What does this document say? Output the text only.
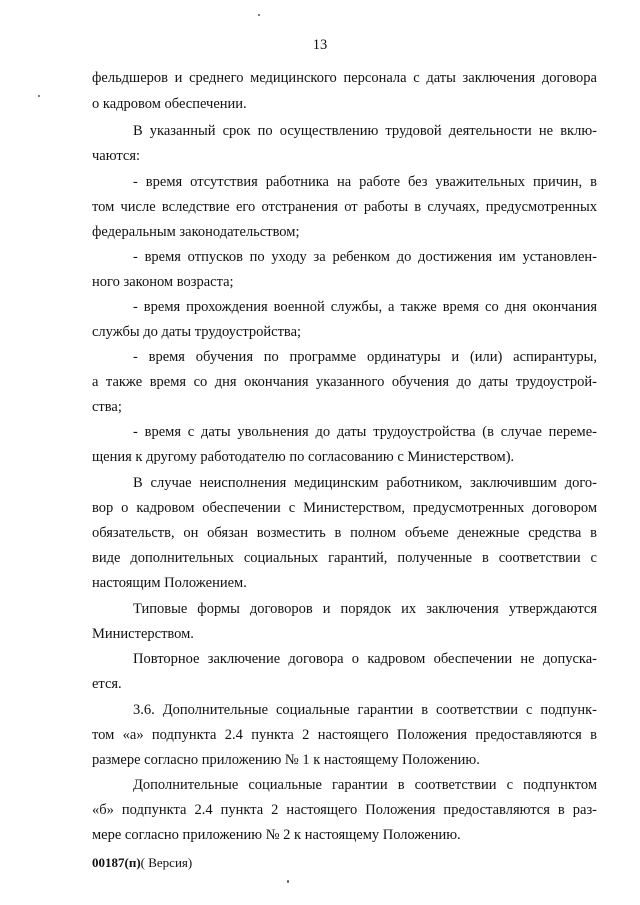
13
фельдшеров и среднего медицинского персонала с даты заключения договора
о кадровом обеспечении.
В указанный срок по осуществлению трудовой деятельности не вклю-
чаются:
- время отсутствия работника на работе без уважительных причин, в
том числе вследствие его отстранения от работы в случаях, предусмотренных
федеральным законодательством;
- время отпусков по уходу за ребенком до достижения им установлен-
ного законом возраста;
- время прохождения военной службы, а также время со дня окончания
службы до даты трудоустройства;
- время обучения по программе ординатуры и (или) аспирантуры,
а также время со дня окончания указанного обучения до даты трудоустрой-
ства;
- время с даты увольнения до даты трудоустройства (в случае переме-
щения к другому работодателю по согласованию с Министерством).
В случае неисполнения медицинским работником, заключившим дого-
вор о кадровом обеспечении с Министерством, предусмотренных договором
обязательств, он обязан возместить в полном объеме денежные средства в
виде дополнительных социальных гарантий, полученные в соответствии с
настоящим Положением.
Типовые формы договоров и порядок их заключения утверждаются
Министерством.
Повторное заключение договора о кадровом обеспечении не допуска-
ется.
3.6. Дополнительные социальные гарантии в соответствии с подпунк-
том «а» подпункта 2.4 пункта 2 настоящего Положения предоставляются в
размере согласно приложению № 1 к настоящему Положению.
Дополнительные социальные гарантии в соответствии с подпунктом
«б» подпункта 2.4 пункта 2 настоящего Положения предоставляются в раз-
мере согласно приложению № 2 к настоящему Положению.
00187(п)( Версия)
